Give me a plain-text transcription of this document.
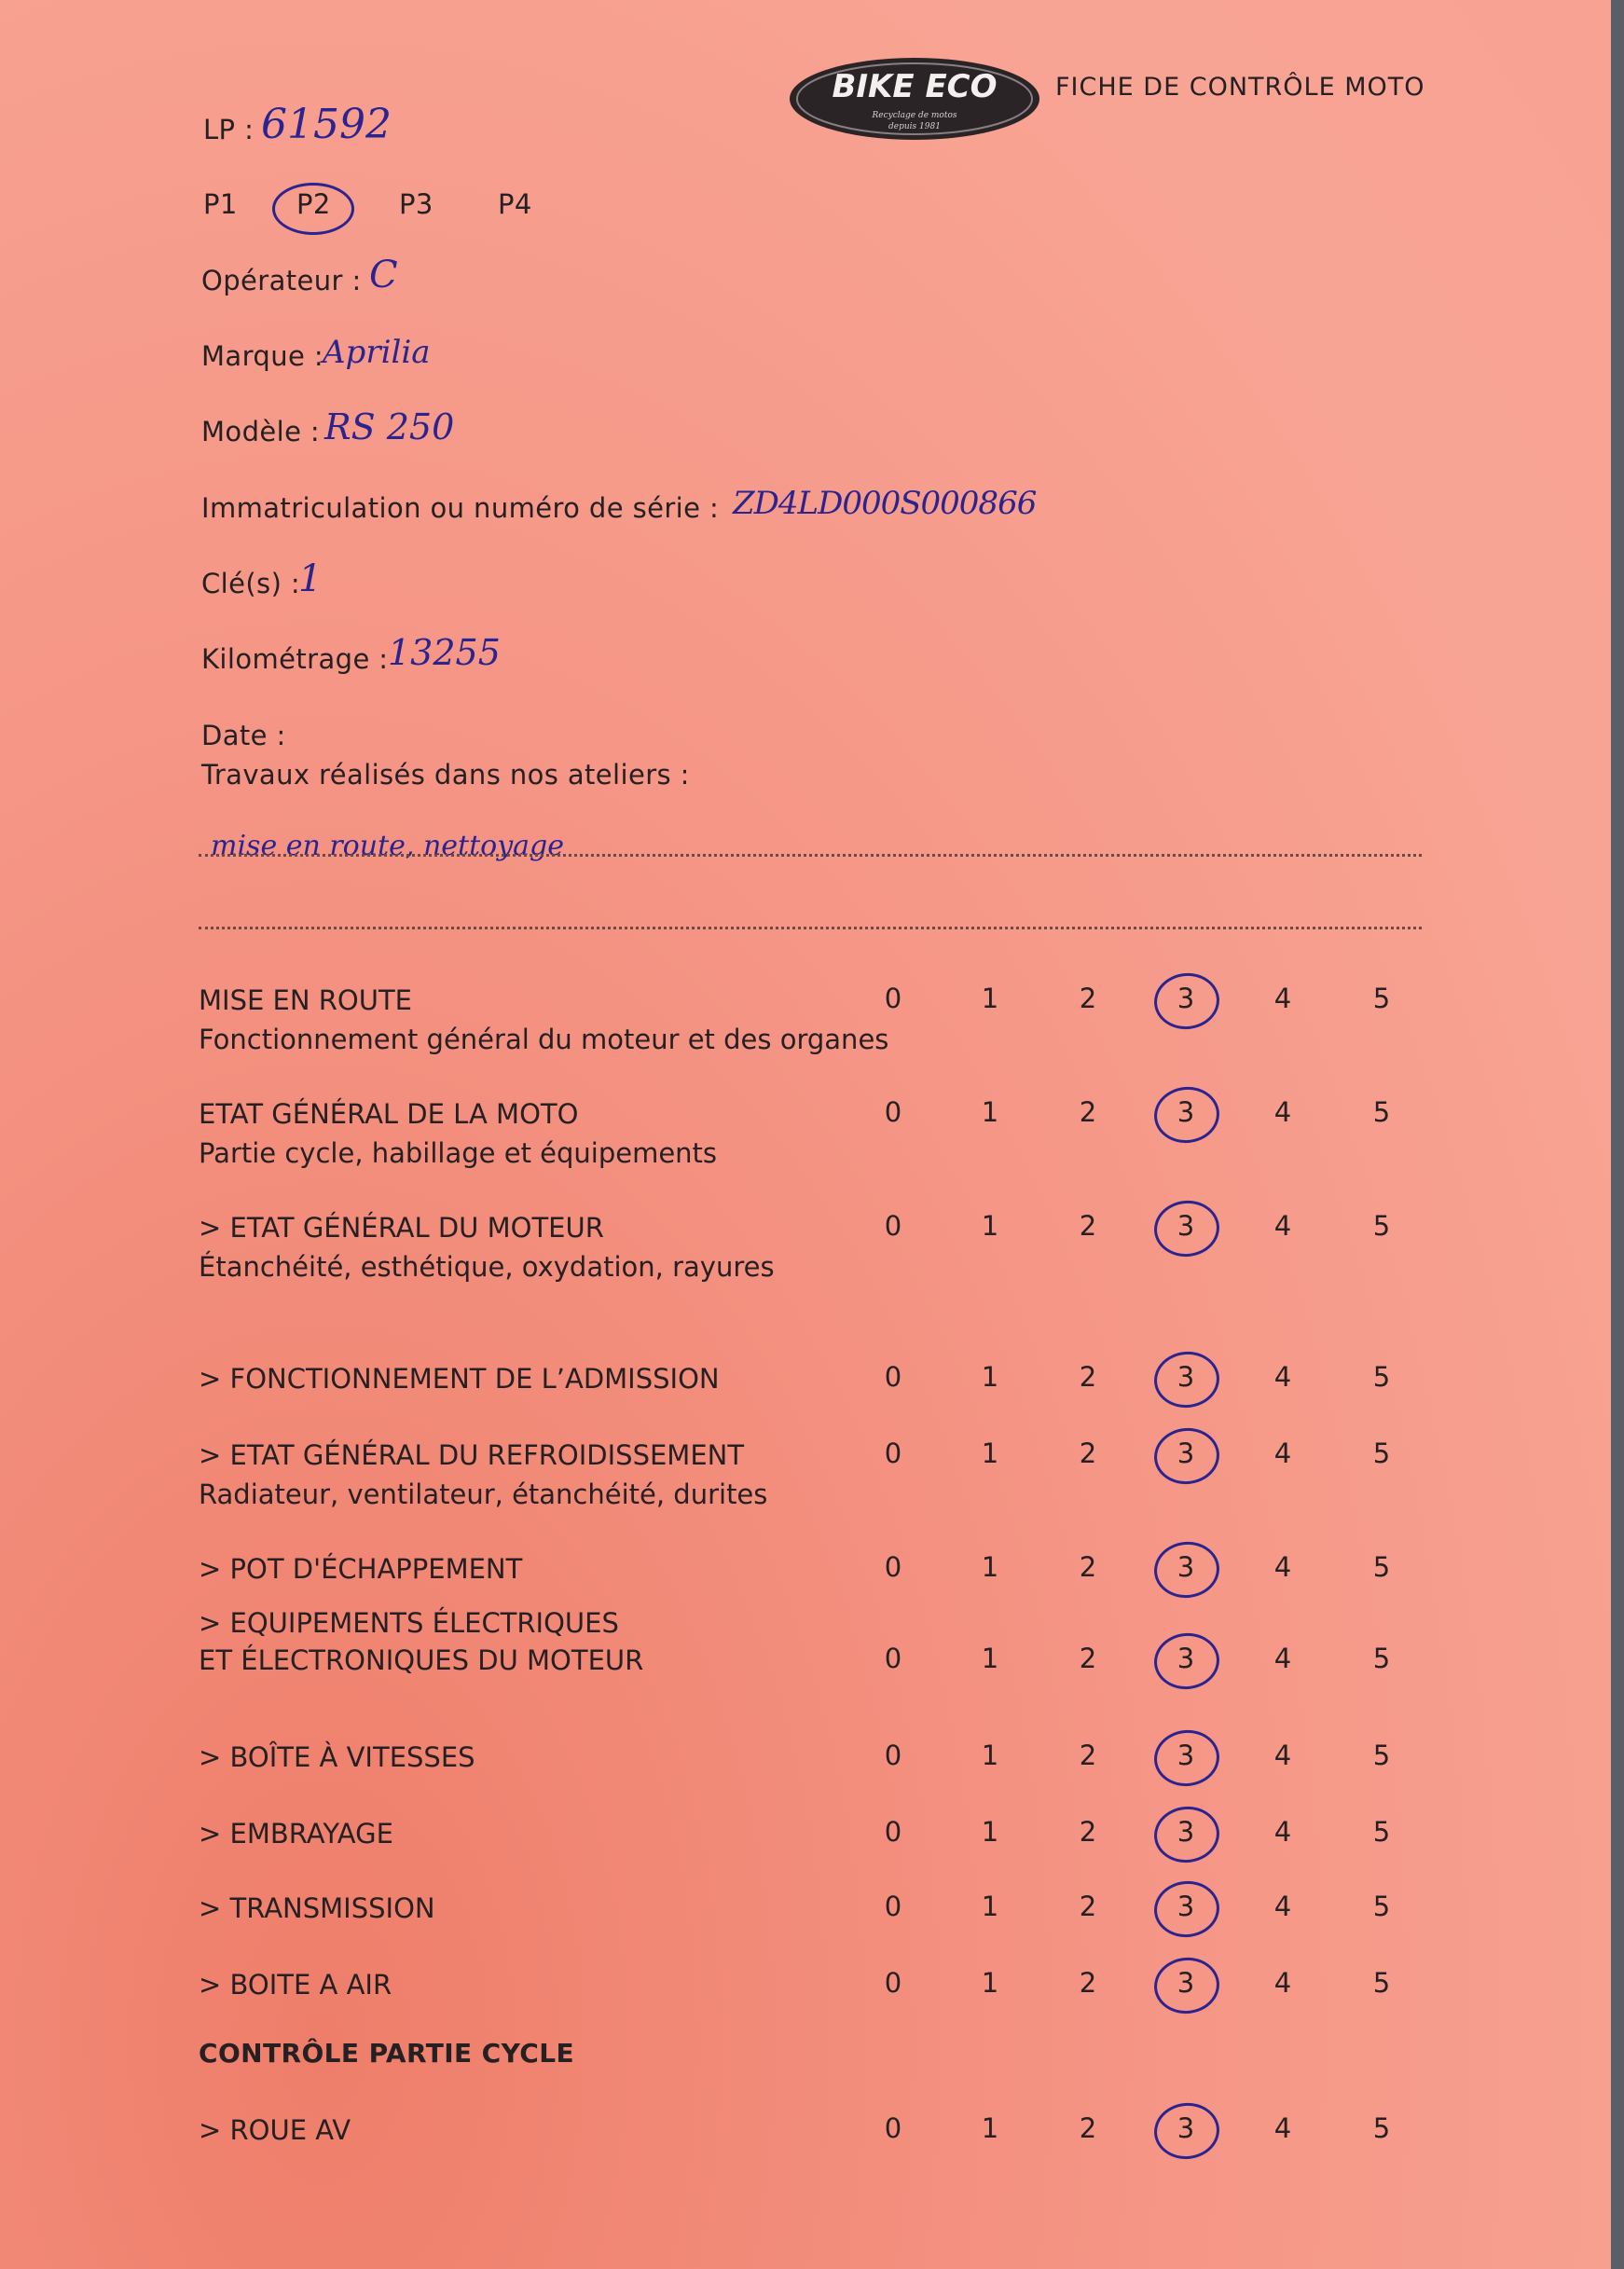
BIKE ECO
Recyclage de motos
depuis 1981
FICHE DE CONTRÔLE MOTO
LP : 61592
P1 P2	P3 P4
Opérateur : C
Marque :
Aprilia
Modèle : RS 250
Immatriculation ou numéro de série : ZD4LD000S000866
Clé(s) :
1
Kilométrage : 13255
Date :
Travaux réalisés dans nos ateliers :
mise en route, nettoyage
MISE EN ROUTE
Fonctionnement général du moteur et des organes
0	1	2	3	4	5
ETAT GÉNÉRAL DE LA MOTO
Partie cycle, habillage et équipements
0	1	2	3	4	5
> ETAT GÉNÉRAL DU MOTEUR
Étanchéité, esthétique, oxydation, rayures
0	1	2	3	4	5
> FONCTIONNEMENT DE L’ADMISSION	0	1	2	3	4	5
> ETAT GÉNÉRAL DU REFROIDISSEMENT
Radiateur, ventilateur, étanchéité, durites
0	1	2	3	4	5
> POT D'ÉCHAPPEMENT	0	1	2	3	4	5
> EQUIPEMENTS ÉLECTRIQUES
ET ÉLECTRONIQUES DU MOTEUR	0	1	2	3	4	5
> BOÎTE À VITESSES	0	1	2	3	4	5
> EMBRAYAGE	0	1	2	3	4	5
> TRANSMISSION	0	1	2	3	4	5
> BOITE A AIR	0	1	2	3	4	5
CONTRÔLE PARTIE CYCLE
> ROUE AV	0	1	2	3	4	5
